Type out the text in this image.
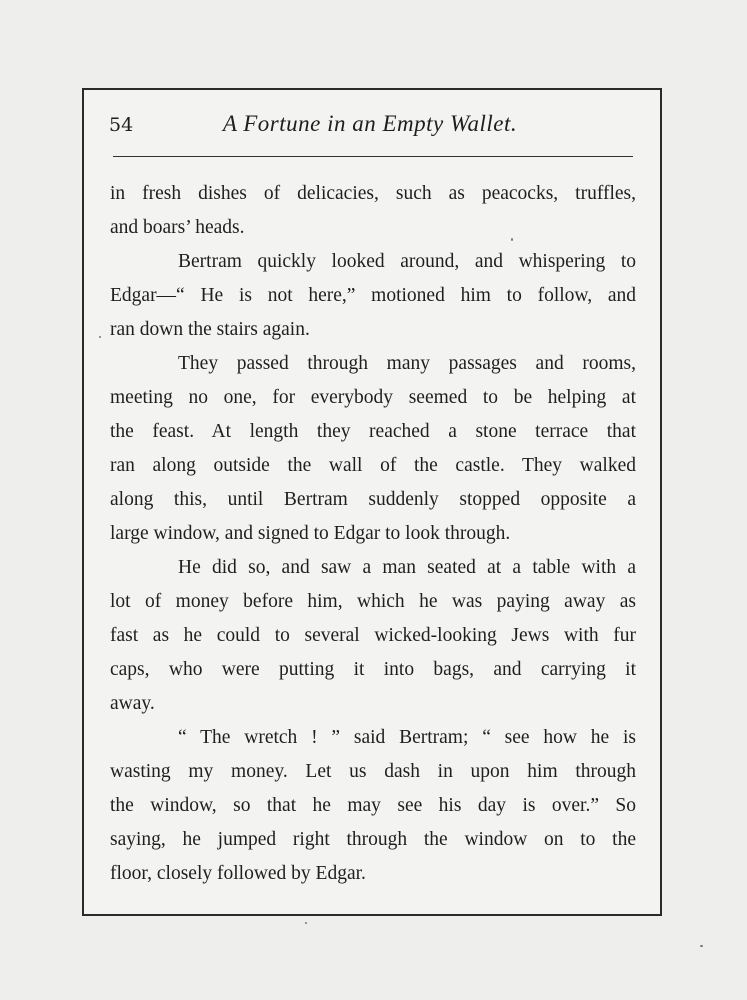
54	A Fortune in an Empty Wallet.
in fresh dishes of delicacies, such as peacocks, truffles,
and boars’ heads.
Bertram quickly looked around, and whispering to
Edgar—“ He is not here,” motioned him to follow, and
ran down the stairs again.
They passed through many passages and rooms,
meeting no one, for everybody seemed to be helping at
the feast. At length they reached a stone terrace that
ran along outside the wall of the castle. They walked
along this, until Bertram suddenly stopped opposite a
large window, and signed to Edgar to look through.
He did so, and saw a man seated at a table with a
lot of money before him, which he was paying away as
fast as he could to several wicked-looking Jews with fur
caps, who were putting it into bags, and carrying it
away.
“ The wretch ! ” said Bertram; “ see how he is
wasting my money. Let us dash in upon him through
the window, so that he may see his day is over.” So
saying, he jumped right through the window on to the
floor, closely followed by Edgar.
